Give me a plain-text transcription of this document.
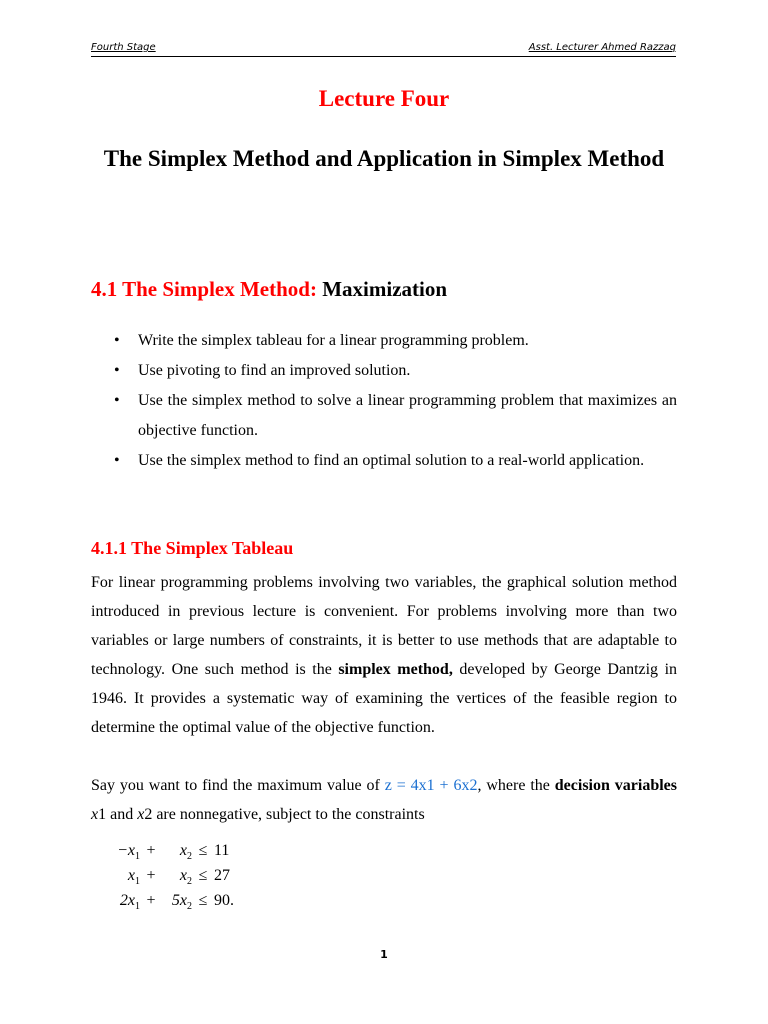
Fourth Stage	Asst. Lecturer Ahmed Razzaq
Lecture Four
The Simplex Method and Application in Simplex Method
4.1 The Simplex Method: Maximization
• Write the simplex tableau for a linear programming problem.
• Use pivoting to find an improved solution.
• Use the simplex method to solve a linear programming problem that maximizes an objective function.
• Use the simplex method to find an optimal solution to a real-world application.
4.1.1 The Simplex Tableau

For linear programming problems involving two variables, the graphical solution method introduced in previous lecture is convenient. For problems involving more than two variables or large numbers of constraints, it is better to use methods that are adaptable to technology. One such method is the simplex method, developed by George Dantzig in 1946. It provides a systematic way of examining the vertices of the feasible region to determine the optimal value of the objective function.

Say you want to find the maximum value of z = 4x1 + 6x2, where the decision variables x1 and x2 are nonnegative, subject to the constraints

$-x_1$ +	$x_2 \le 11$
$x_1$ +	$x_2 \le 27$
$2x_1$ +	$5x_2 \le 90$.
1
